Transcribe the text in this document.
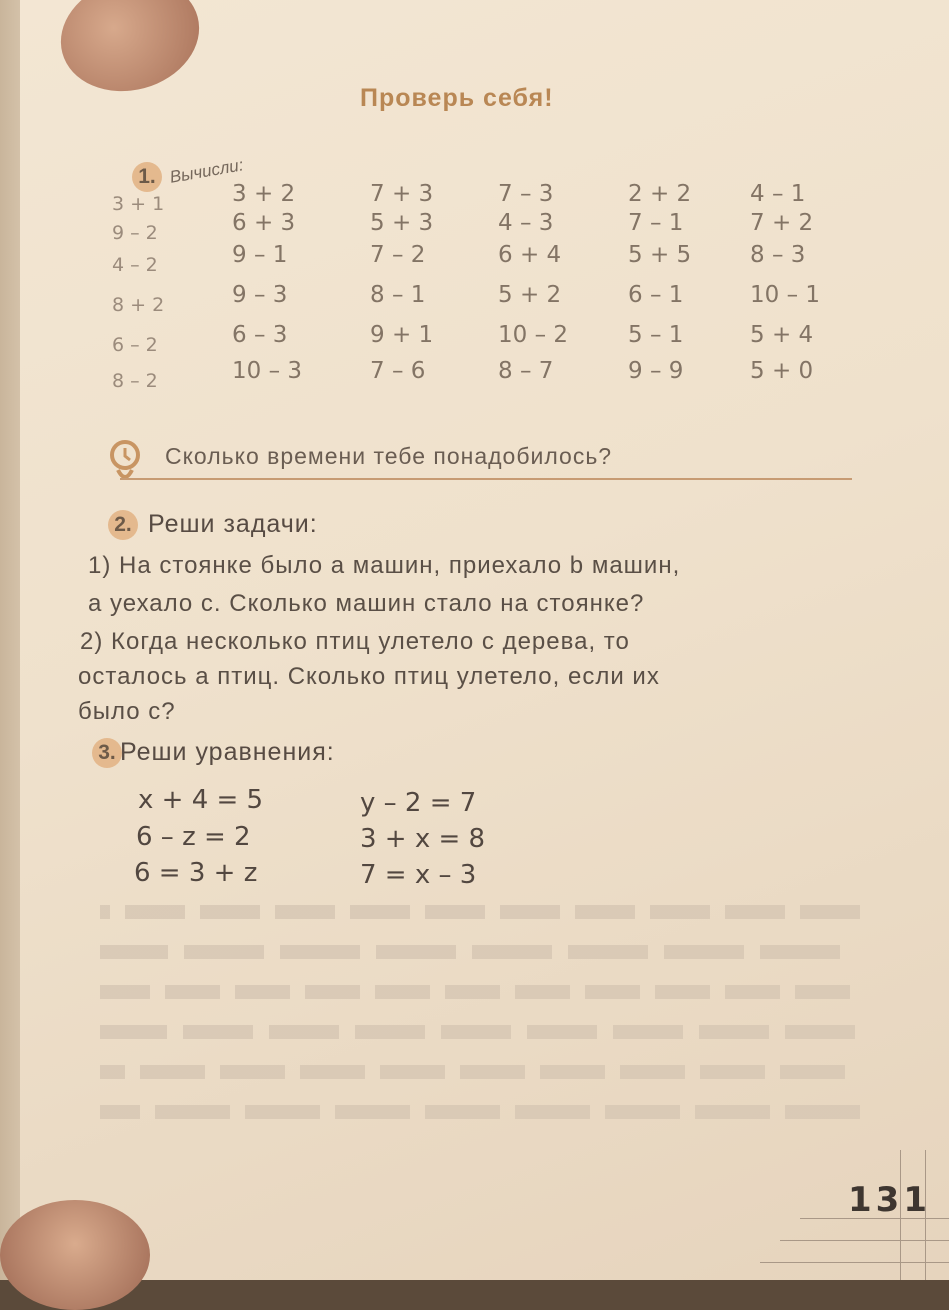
Проверь себя!
1. Вычисли:
Сколько времени тебе понадобилось?
2. Реши задачи:
1) На стоянке было a машин, приехало b машин,
а уехало c. Сколько машин стало на стоянке?
2) Когда несколько птиц улетело с дерева, то
осталось a птиц. Сколько птиц улетело, если их
было c?
3. Реши уравнения:
x + 4 = 5
6 – z = 2
6 = 3 + z
y – 2 = 7
3 + x = 8
7 = x – 3
131
3 + 1
9 – 2
4 – 2
8 + 2
6 – 2
8 – 2
3 + 2
6 + 3
9 – 1
9 – 3
6 – 3
10 – 3
7 + 3
5 + 3
7 – 2
8 – 1
9 + 1
7 – 6
7 – 3
4 – 3
6 + 4
5 + 2
10 – 2
8 – 7
2 + 2
7 – 1
5 + 5
6 – 1
5 – 1
9 – 9
4 – 1
7 + 2
8 – 3
10 – 1
5 + 4
5 + 0
